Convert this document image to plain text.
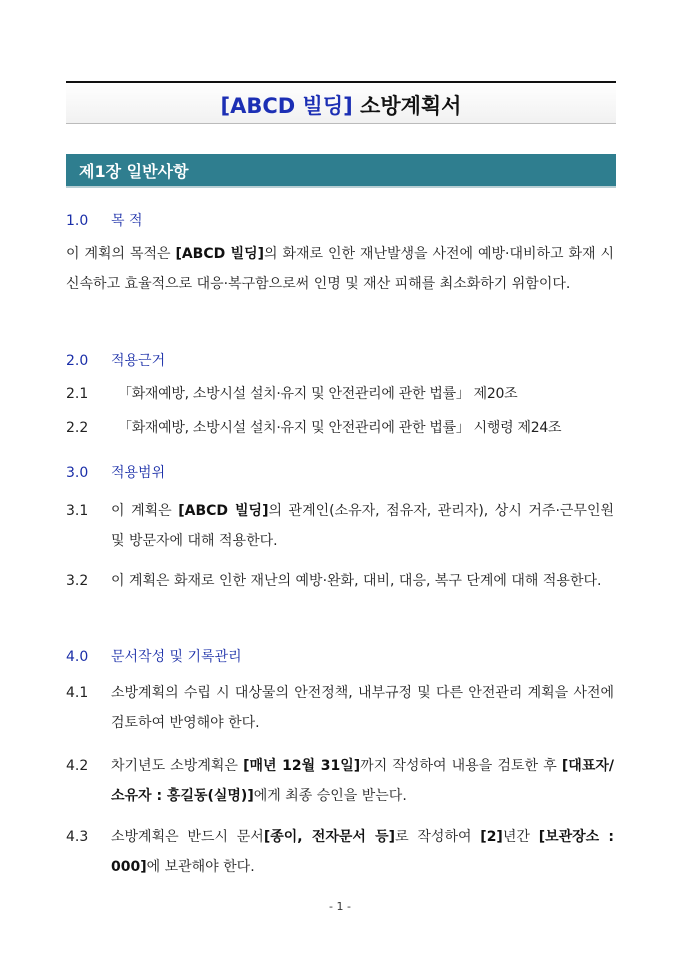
[ABCD 빌딩] 소방계획서
제1장 일반사항
1.0 목 적
이 계획의 목적은 [ABCD 빌딩]의 화재로 인한 재난발생을 사전에 예방·대비하고 화재 시 신속하고 효율적으로 대응·복구함으로써 인명 및 재산 피해를 최소화하기 위함이다.
2.0 적용근거
2.1 「화재예방, 소방시설 설치·유지 및 안전관리에 관한 법률」 제20조
2.2 「화재예방, 소방시설 설치·유지 및 안전관리에 관한 법률」 시행령 제24조
3.0 적용범위
3.1 이 계획은 [ABCD 빌딩]의 관계인(소유자, 점유자, 관리자), 상시 거주·근무인원 및 방문자에 대해 적용한다.
3.2 이 계획은 화재로 인한 재난의 예방·완화, 대비, 대응, 복구 단계에 대해 적용한다.
4.0 문서작성 및 기록관리
4.1 소방계획의 수립 시 대상물의 안전정책, 내부규정 및 다른 안전관리 계획을 사전에 검토하여 반영해야 한다.
4.2 차기년도 소방계획은 [매년 12월 31일]까지 작성하여 내용을 검토한 후 [대표자/소유자 : 홍길동(실명)]에게 최종 승인을 받는다.
4.3 소방계획은 반드시 문서[종이, 전자문서 등]로 작성하여 [2]년간 [보관장소 : 000]에 보관해야 한다.
- 1 -
